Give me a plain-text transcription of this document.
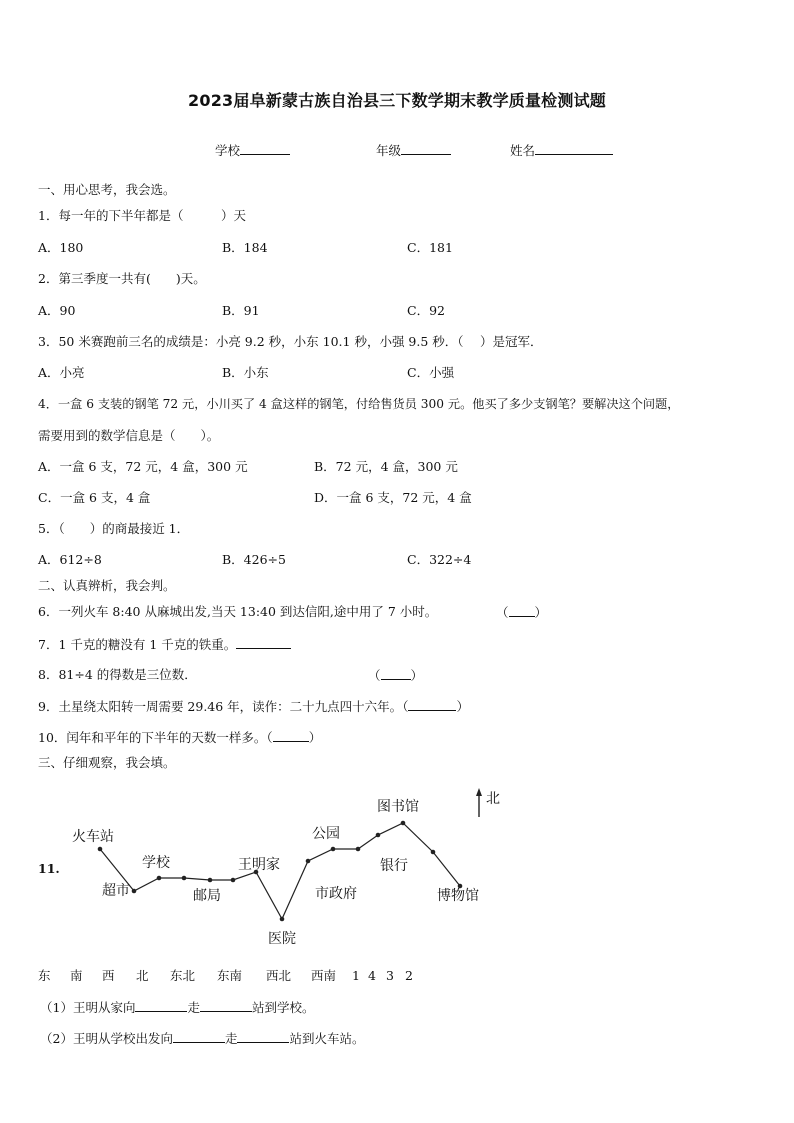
2023届阜新蒙古族自治县三下数学期末教学质量检测试题
学校	年级	姓名
一、用心思考，我会选。
1．每一年的下半年都是（　　　）天
A．180	B．184	C．181
2．第三季度一共有(　　)天。
A．90	B．91	C．92
3．50 米赛跑前三名的成绩是：小亮 9.2 秒，小东 10.1 秒，小强 9.5 秒．（　 ）是冠军．
A．小亮	B．小东	C．小强
4．一盒 6 支装的钢笔 72 元，小川买了 4 盒这样的钢笔，付给售货员 300 元。他买了多少支钢笔？要解决这个问题，
需要用到的数学信息是（　　）。
A．一盒 6 支，72 元，4 盒，300 元	B．72 元，4 盒，300 元
C．一盒 6 支，4 盒	D．一盒 6 支，72 元，4 盒
5．（　　）的商最接近 1．
A．612÷8	B．426÷5	C．322÷4
二、认真辨析，我会判。
6．一列火车 8:40 从麻城出发,当天 13:40 到达信阳,途中用了 7 小时。	（ ）
7．1 千克的糖没有 1 千克的铁重。
8．81÷4 的得数是三位数．	（ ）
9．土星绕太阳转一周需要 29.46 年，读作：二十九点四十六年。（	）
10．闰年和平年的下半年的天数一样多。（	）
三、仔细观察，我会填。
11.
火车站
超市
学校
邮局
王明家
医院
市政府
公园
图书馆
银行
博物馆
北
东 南 西 北 东北 东南 西北 西南 1 4 3 2
（1）王明从家向	走	站到学校。
（2）王明从学校出发向	走	站到火车站。
